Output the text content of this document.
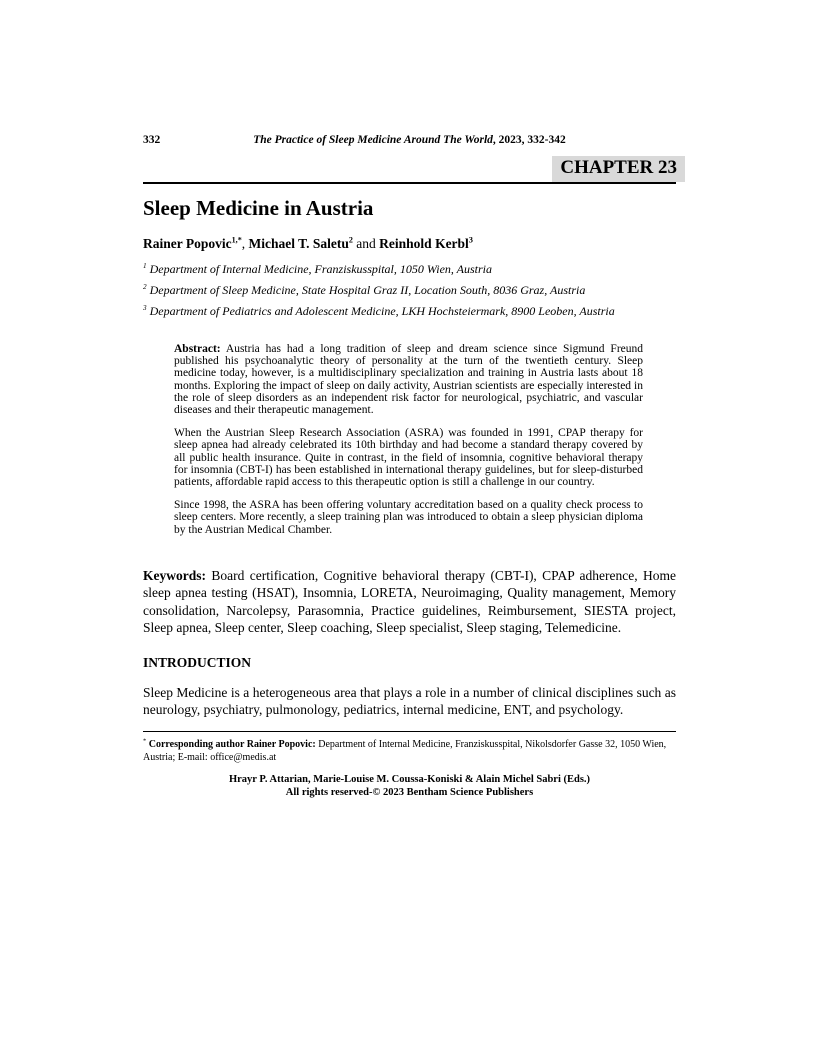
332	The Practice of Sleep Medicine Around The World, 2023, 332-342
CHAPTER 23
Sleep Medicine in Austria

Rainer Popovic$^{1,*}$, Michael T. Saletu$^2$ and Reinhold Kerbl$^3$

$^1$ Department of Internal Medicine, Franziskusspital, 1050 Wien, Austria

$^2$ Department of Sleep Medicine, State Hospital Graz II, Location South, 8036 Graz, Austria

$^3$ Department of Pediatrics and Adolescent Medicine, LKH Hochsteiermark, 8900 Leoben, Austria

Abstract: Austria has had a long tradition of sleep and dream science since Sigmund Freund published his psychoanalytic theory of personality at the turn of the twentieth century. Sleep medicine today, however, is a multidisciplinary specialization and training in Austria lasts about 18 months. Exploring the impact of sleep on daily activity, Austrian scientists are especially interested in the role of sleep disorders as an independent risk factor for neurological, psychiatric, and vascular diseases and their therapeutic management.

When the Austrian Sleep Research Association (ASRA) was founded in 1991, CPAP therapy for sleep apnea had already celebrated its 10th birthday and had become a standard therapy covered by all public health insurance. Quite in contrast, in the field of insomnia, cognitive behavioral therapy for insomnia (CBT-I) has been established in international therapy guidelines, but for sleep-disturbed patients, affordable rapid access to this therapeutic option is still a challenge in our country.

Since 1998, the ASRA has been offering voluntary accreditation based on a quality check process to sleep centers. More recently, a sleep training plan was introduced to obtain a sleep physician diploma by the Austrian Medical Chamber.

Keywords: Board certification, Cognitive behavioral therapy (CBT-I), CPAP adherence, Home sleep apnea testing (HSAT), Insomnia, LORETA, Neuroimaging, Quality management, Memory consolidation, Narcolepsy, Parasomnia, Practice guidelines, Reimbursement, SIESTA project, Sleep apnea, Sleep center, Sleep coaching, Sleep specialist, Sleep staging, Telemedicine.

INTRODUCTION

Sleep Medicine is a heterogeneous area that plays a role in a number of clinical disciplines such as neurology, psychiatry, pulmonology, pediatrics, internal medicine, ENT, and psychology.

* Corresponding author Rainer Popovic: Department of Internal Medicine, Franziskusspital, Nikolsdorfer Gasse 32, 1050 Wien, Austria; E-mail: office@medis.at
Hrayr P. Attarian, Marie-Louise M. Coussa-Koniski & Alain Michel Sabri (Eds.)
All rights reserved-© 2023 Bentham Science Publishers
